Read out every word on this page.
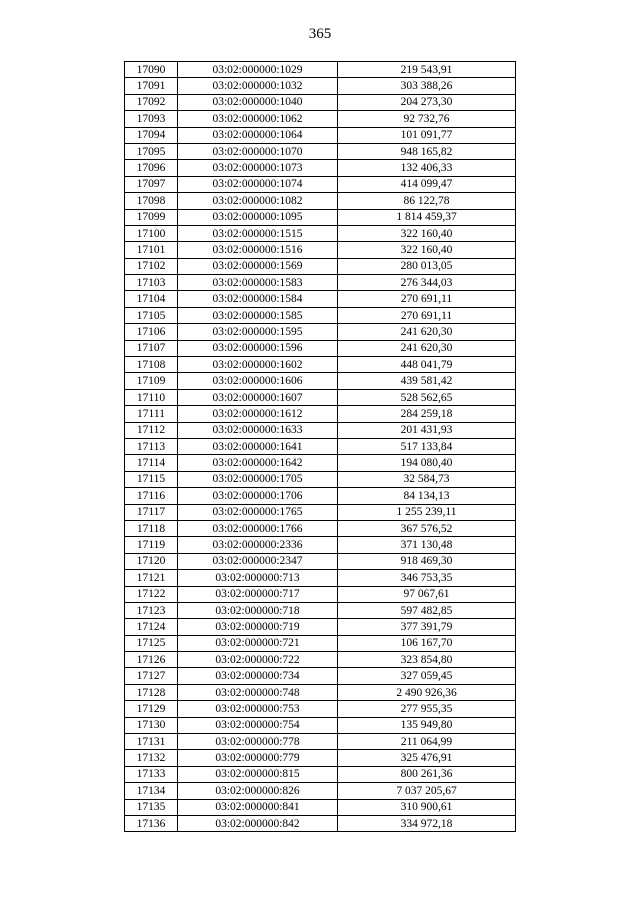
365
17090	03:02:000000:1029	219 543,91
17091	03:02:000000:1032	303 388,26
17092	03:02:000000:1040	204 273,30
17093	03:02:000000:1062	92 732,76
17094	03:02:000000:1064	101 091,77
17095	03:02:000000:1070	948 165,82
17096	03:02:000000:1073	132 406,33
17097	03:02:000000:1074	414 099,47
17098	03:02:000000:1082	86 122,78
17099	03:02:000000:1095	1 814 459,37
17100	03:02:000000:1515	322 160,40
17101	03:02:000000:1516	322 160,40
17102	03:02:000000:1569	280 013,05
17103	03:02:000000:1583	276 344,03
17104	03:02:000000:1584	270 691,11
17105	03:02:000000:1585	270 691,11
17106	03:02:000000:1595	241 620,30
17107	03:02:000000:1596	241 620,30
17108	03:02:000000:1602	448 041,79
17109	03:02:000000:1606	439 581,42
17110	03:02:000000:1607	528 562,65
17111	03:02:000000:1612	284 259,18
17112	03:02:000000:1633	201 431,93
17113	03:02:000000:1641	517 133,84
17114	03:02:000000:1642	194 080,40
17115	03:02:000000:1705	32 584,73
17116	03:02:000000:1706	84 134,13
17117	03:02:000000:1765	1 255 239,11
17118	03:02:000000:1766	367 576,52
17119	03:02:000000:2336	371 130,48
17120	03:02:000000:2347	918 469,30
17121	03:02:000000:713	346 753,35
17122	03:02:000000:717	97 067,61
17123	03:02:000000:718	597 482,85
17124	03:02:000000:719	377 391,79
17125	03:02:000000:721	106 167,70
17126	03:02:000000:722	323 854,80
17127	03:02:000000:734	327 059,45
17128	03:02:000000:748	2 490 926,36
17129	03:02:000000:753	277 955,35
17130	03:02:000000:754	135 949,80
17131	03:02:000000:778	211 064,99
17132	03:02:000000:779	325 476,91
17133	03:02:000000:815	800 261,36
17134	03:02:000000:826	7 037 205,67
17135	03:02:000000:841	310 900,61
17136	03:02:000000:842	334 972,18
